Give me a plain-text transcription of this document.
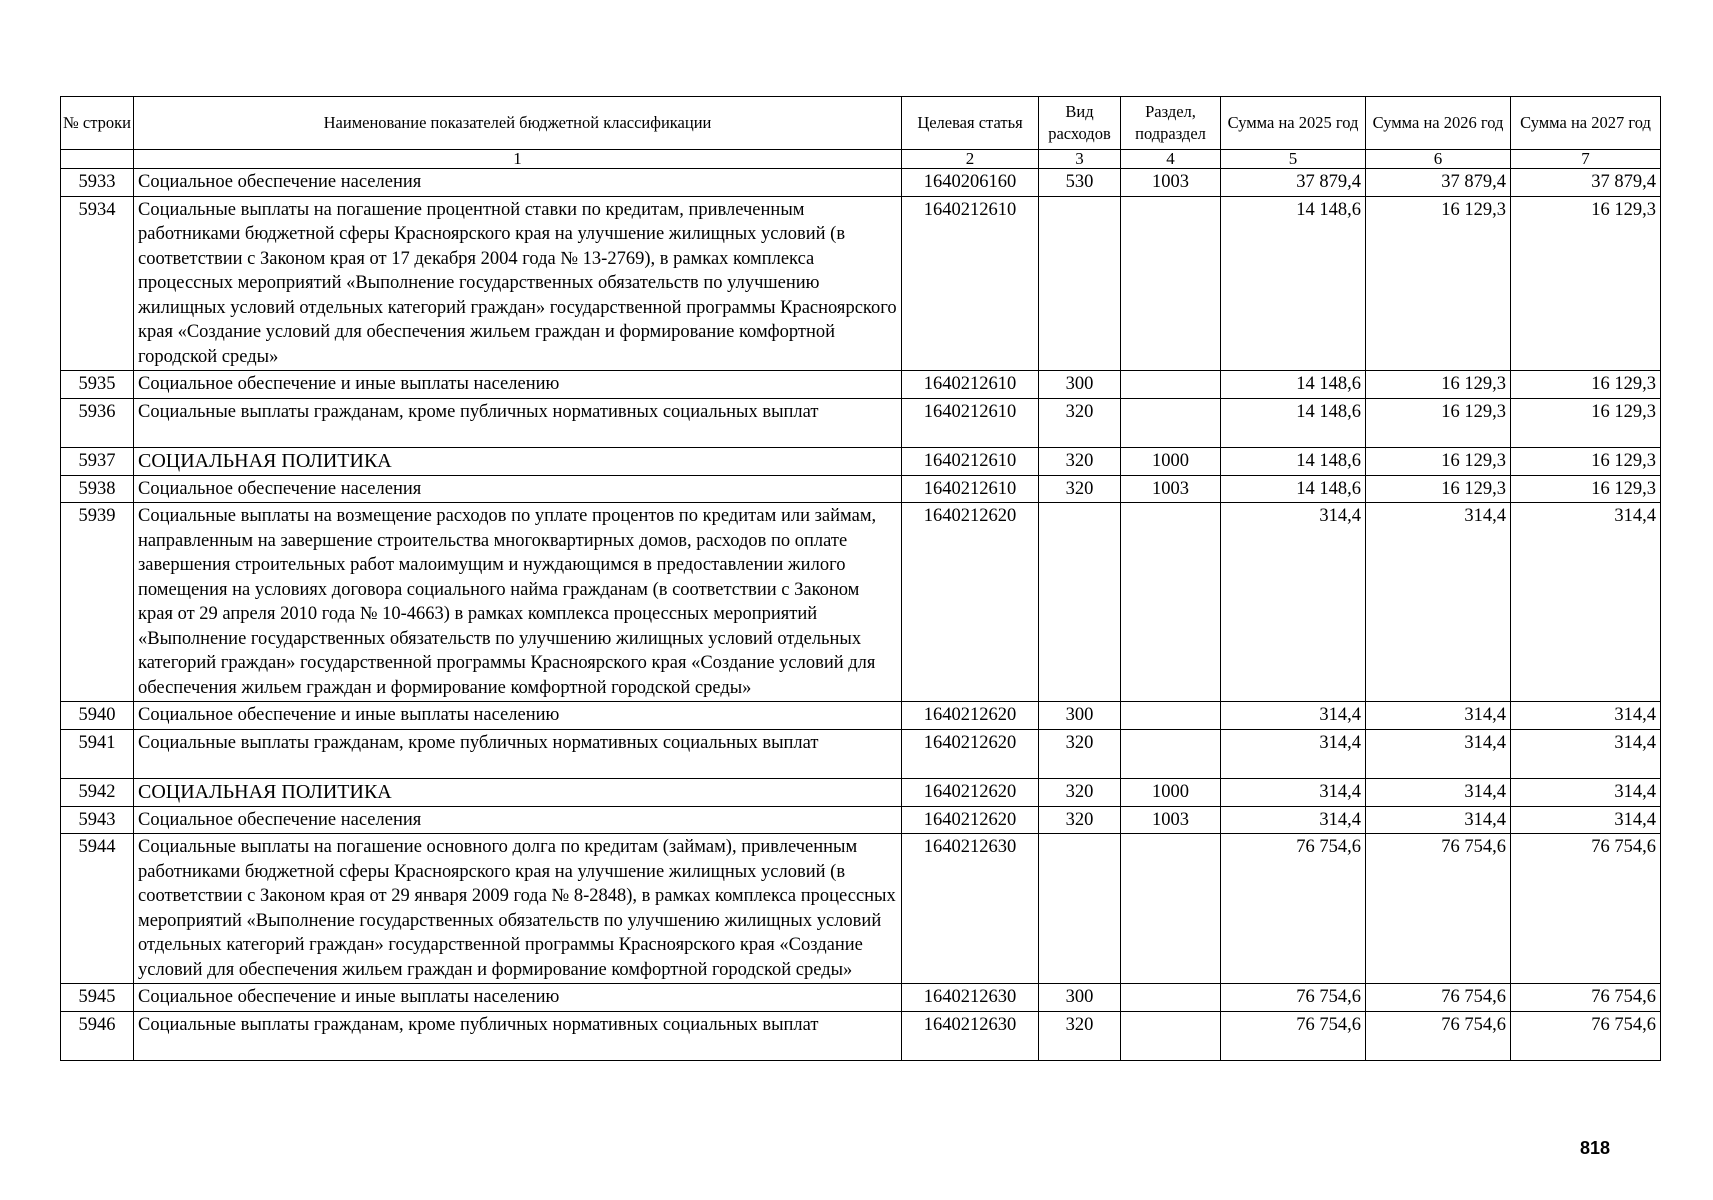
№ строки	Наименование показателей бюджетной классификации	Целевая статья	Вид расходов	Раздел, подраздел	Сумма на 2025 год	Сумма на 2026 год	Сумма на 2027 год
	1	2	3	4	5	6	7
5933	Социальное обеспечение населения	1640206160	530	1003	37 879,4	37 879,4	37 879,4
5934	Социальные выплаты на погашение процентной ставки по кредитам, привлеченным работниками бюджетной сферы Красноярского края на улучшение жилищных условий (в соответствии с Законом края от 17 декабря 2004 года № 13-2769), в рамках комплекса процессных мероприятий «Выполнение государственных обязательств по улучшению жилищных условий отдельных категорий граждан» государственной программы Красноярского края «Создание условий для обеспечения жильем граждан и формирование комфортной городской среды»	1640212610			14 148,6	16 129,3	16 129,3
5935	Социальное обеспечение и иные выплаты населению	1640212610	300		14 148,6	16 129,3	16 129,3
5936	Социальные выплаты гражданам, кроме публичных нормативных социальных выплат	1640212610	320		14 148,6	16 129,3	16 129,3
5937	СОЦИАЛЬНАЯ ПОЛИТИКА	1640212610	320	1000	14 148,6	16 129,3	16 129,3
5938	Социальное обеспечение населения	1640212610	320	1003	14 148,6	16 129,3	16 129,3
5939	Социальные выплаты на возмещение расходов по уплате процентов по кредитам или займам, направленным на завершение строительства многоквартирных домов, расходов по оплате завершения строительных работ малоимущим и нуждающимся в предоставлении жилого помещения на условиях договора социального найма гражданам (в соответствии с Законом края от 29 апреля 2010 года № 10-4663) в рамках комплекса процессных мероприятий «Выполнение государственных обязательств по улучшению жилищных условий отдельных категорий граждан» государственной программы Красноярского края «Создание условий для обеспечения жильем граждан и формирование комфортной городской среды»	1640212620			314,4	314,4	314,4
5940	Социальное обеспечение и иные выплаты населению	1640212620	300		314,4	314,4	314,4
5941	Социальные выплаты гражданам, кроме публичных нормативных социальных выплат	1640212620	320		314,4	314,4	314,4
5942	СОЦИАЛЬНАЯ ПОЛИТИКА	1640212620	320	1000	314,4	314,4	314,4
5943	Социальное обеспечение населения	1640212620	320	1003	314,4	314,4	314,4
5944	Социальные выплаты на погашение основного долга по кредитам (займам), привлеченным работниками бюджетной сферы Красноярского края на улучшение жилищных условий (в соответствии с Законом края от 29 января 2009 года № 8-2848), в рамках комплекса процессных мероприятий «Выполнение государственных обязательств по улучшению жилищных условий отдельных категорий граждан» государственной программы Красноярского края «Создание условий для обеспечения жильем граждан и формирование комфортной городской среды»	1640212630			76 754,6	76 754,6	76 754,6
5945	Социальное обеспечение и иные выплаты населению	1640212630	300		76 754,6	76 754,6	76 754,6
5946	Социальные выплаты гражданам, кроме публичных нормативных социальных выплат	1640212630	320		76 754,6	76 754,6	76 754,6
818
